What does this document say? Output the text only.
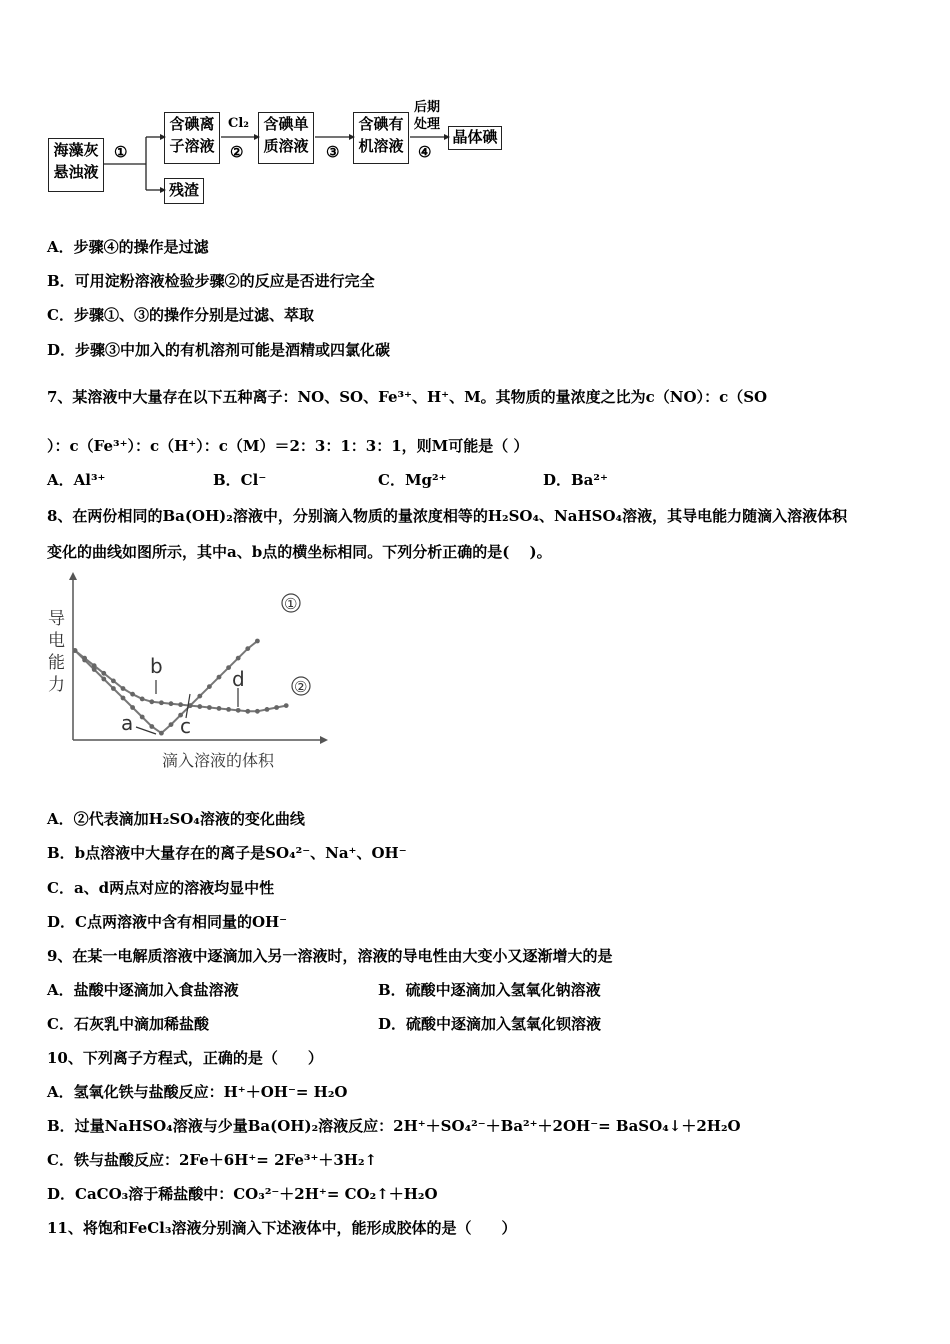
海藻灰
悬浊液
①
含碘离
子溶液
残渣
Cl₂
②
含碘单
质溶液	③
含碘有
机溶液
后期
处理
④
晶体碘
A．步骤④的操作是过滤
B．可用淀粉溶液检验步骤②的反应是否进行完全
C．步骤①、③的操作分别是过滤、萃取
D．步骤③中加入的有机溶剂可能是酒精或四氯化碳
7、某溶液中大量存在以下五种离子：NO、SO、Fe³⁺、H⁺、M。其物质的量浓度之比为c（NO）：c（SO
）：c（Fe³⁺）：c（H⁺）：c（M）＝2：3：1：3：1，则M可能是（ ）
A．Al³⁺	B．Cl⁻	C．Mg²⁺	D．Ba²⁺
8、在两份相同的Ba(OH)₂溶液中，分别滴入物质的量浓度相等的H₂SO₄、NaHSO₄溶液，其导电能力随滴入溶液体积
变化的曲线如图所示，其中a、b点的横坐标相同。下列分析正确的是(　 )。
b
d
a c
①
②
导电能力
滴入溶液的体积
A．②代表滴加H₂SO₄溶液的变化曲线
B．b点溶液中大量存在的离子是SO₄²⁻、Na⁺、OH⁻
C．a、d两点对应的溶液均显中性
D．C点两溶液中含有相同量的OH⁻
9、在某一电解质溶液中逐滴加入另一溶液时，溶液的导电性由大变小又逐渐增大的是
A．盐酸中逐滴加入食盐溶液	B．硫酸中逐滴加入氢氧化钠溶液
C．石灰乳中滴加稀盐酸	D．硫酸中逐滴加入氢氧化钡溶液
10、下列离子方程式，正确的是（　　）
A．氢氧化铁与盐酸反应：H⁺＋OH⁻= H₂O
B．过量NaHSO₄溶液与少量Ba(OH)₂溶液反应：2H⁺＋SO₄²⁻＋Ba²⁺＋2OH⁻= BaSO₄↓＋2H₂O
C．铁与盐酸反应：2Fe＋6H⁺= 2Fe³⁺＋3H₂↑
D．CaCO₃溶于稀盐酸中：CO₃²⁻＋2H⁺= CO₂↑＋H₂O
11、将饱和FeCl₃溶液分别滴入下述液体中，能形成胶体的是（　　）
